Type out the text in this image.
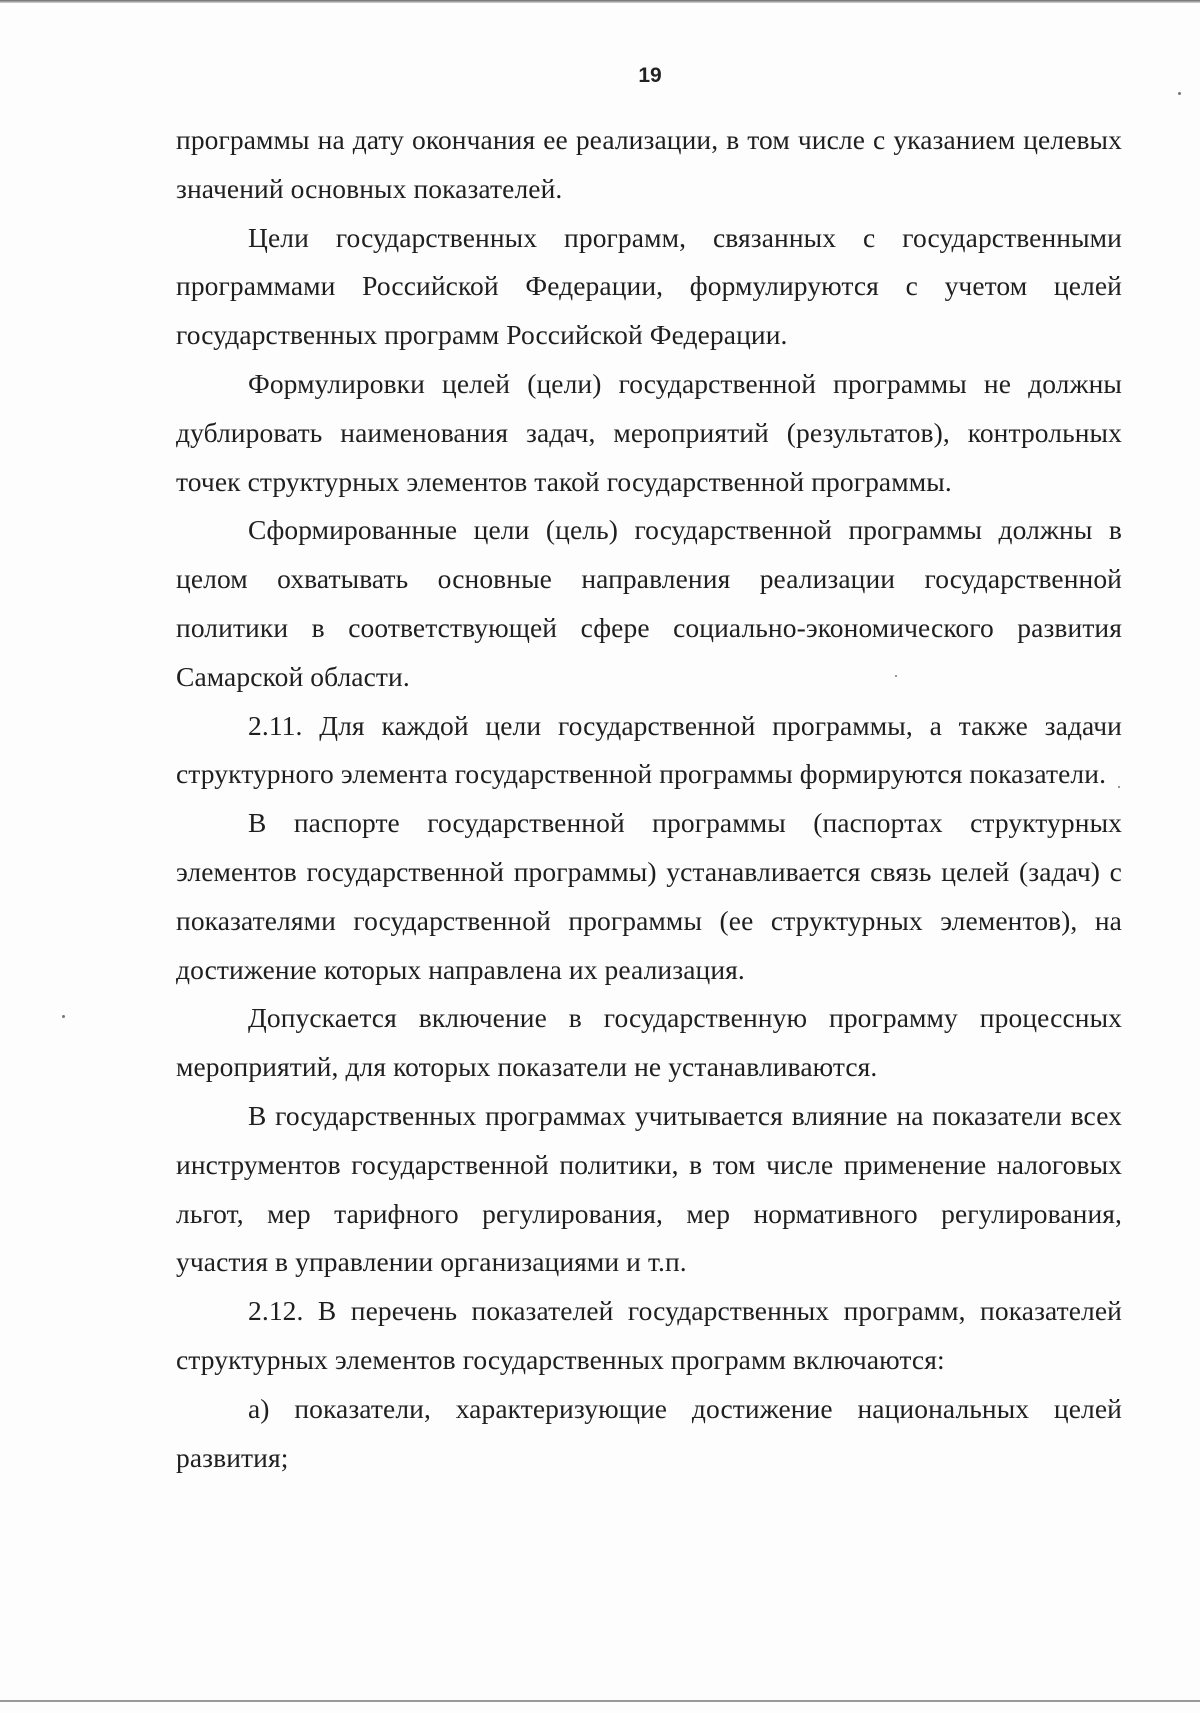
19

программы на дату окончания ее реализации, в том числе с указанием целевых значений основных показателей.

Цели государственных программ, связанных с государственными программами Российской Федерации, формулируются с учетом целей государственных программ Российской Федерации.

Формулировки целей (цели) государственной программы не должны дублировать наименования задач, мероприятий (результатов), контрольных точек структурных элементов такой государственной программы.

Сформированные цели (цель) государственной программы должны в целом охватывать основные направления реализации государственной политики в соответствующей сфере социально-экономического развития Самарской области.

2.11. Для каждой цели государственной программы, а также задачи структурного элемента государственной программы формируются показатели.

В паспорте государственной программы (паспортах структурных элементов государственной программы) устанавливается связь целей (задач) с показателями государственной программы (ее структурных элементов), на достижение которых направлена их реализация.

Допускается включение в государственную программу процессных мероприятий, для которых показатели не устанавливаются.

В государственных программах учитывается влияние на показатели всех инструментов государственной политики, в том числе применение налоговых льгот, мер тарифного регулирования, мер нормативного регулирования, участия в управлении организациями и т.п.

2.12. В перечень показателей государственных программ, показателей структурных элементов государственных программ включаются:

а) показатели, характеризующие достижение национальных целей развития;
